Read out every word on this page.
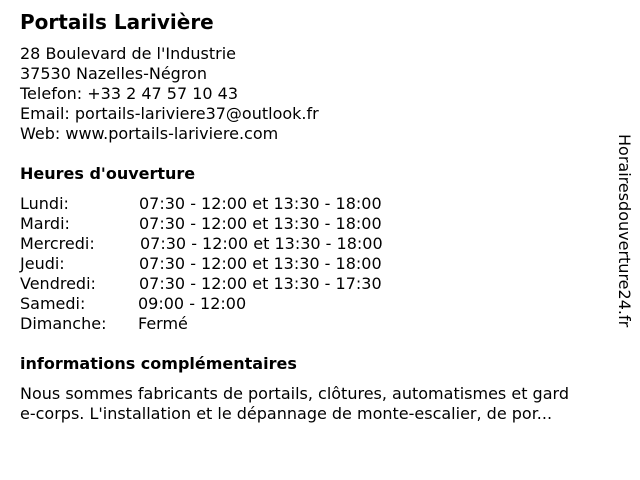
Portails Larivière
28 Boulevard de l'Industrie
37530 Nazelles-Négron
Telefon: +33 2 47 57 10 43
Email: portails-lariviere37@outlook.fr
Web: www.portails-lariviere.com
Heures d'ouverture
Lundi:	07:30 - 12:00 et 13:30 - 18:00
Mardi:	07:30 - 12:00 et 13:30 - 18:00
Mercredi:	07:30 - 12:00 et 13:30 - 18:00
Jeudi:	07:30 - 12:00 et 13:30 - 18:00
Vendredi:	07:30 - 12:00 et 13:30 - 17:30
Samedi:	09:00 - 12:00
Dimanche: Fermé
informations complémentaires
Nous sommes fabricants de portails, clôtures, automatismes et gard
e-corps. L'installation et le dépannage de monte-escalier, de por...
Horairesdouverture24.fr
